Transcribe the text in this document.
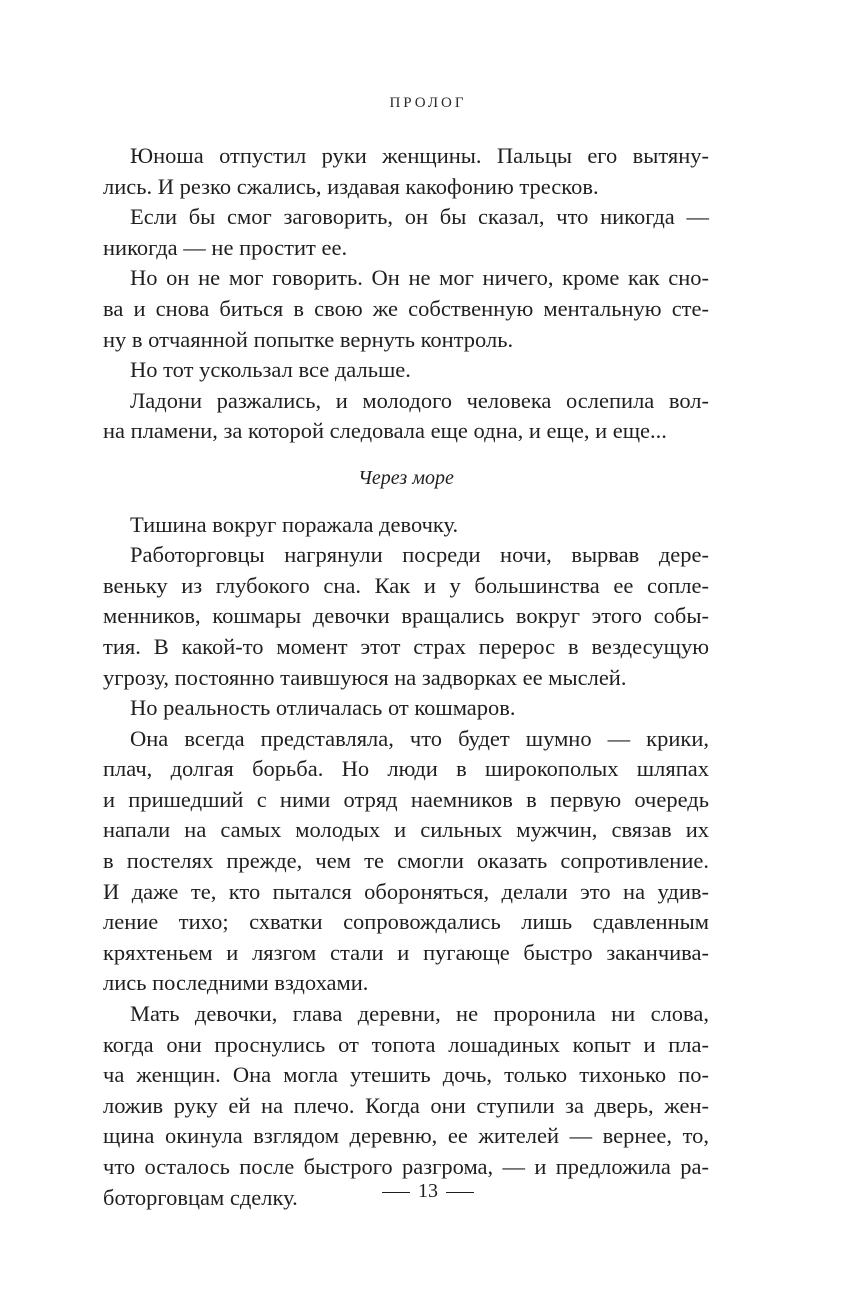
ПРОЛОГ
Юноша отпустил руки женщины. Пальцы его вытяну-
лись. И резко сжались, издавая какофонию тресков.
Если бы смог заговорить, он бы сказал, что никогда —
никогда — не простит ее.
Но он не мог говорить. Он не мог ничего, кроме как сно-
ва и снова биться в свою же собственную ментальную сте-
ну в отчаянной попытке вернуть контроль.
Но тот ускользал все дальше.
Ладони разжались, и молодого человека ослепила вол-
на пламени, за которой следовала еще одна, и еще, и еще...
Через море
Тишина вокруг поражала девочку.
Работорговцы нагрянули посреди ночи, вырвав дере-
веньку из глубокого сна. Как и у большинства ее сопле-
менников, кошмары девочки вращались вокруг этого собы-
тия. В какой-то момент этот страх перерос в вездесущую
угрозу, постоянно таившуюся на задворках ее мыслей.
Но реальность отличалась от кошмаров.
Она всегда представляла, что будет шумно — крики,
плач, долгая борьба. Но люди в широкополых шляпах
и пришедший с ними отряд наемников в первую очередь
напали на самых молодых и сильных мужчин, связав их
в постелях прежде, чем те смогли оказать сопротивление.
И даже те, кто пытался обороняться, делали это на удив-
ление тихо; схватки сопровождались лишь сдавленным
кряхтеньем и лязгом стали и пугающе быстро заканчива-
лись последними вздохами.
Мать девочки, глава деревни, не проронила ни слова,
когда они проснулись от топота лошадиных копыт и пла-
ча женщин. Она могла утешить дочь, только тихонько по-
ложив руку ей на плечо. Когда они ступили за дверь, жен-
щина окинула взглядом деревню, ее жителей — вернее, то,
что осталось после быстрого разгрома, — и предложила ра-
боторговцам сделку.	13
